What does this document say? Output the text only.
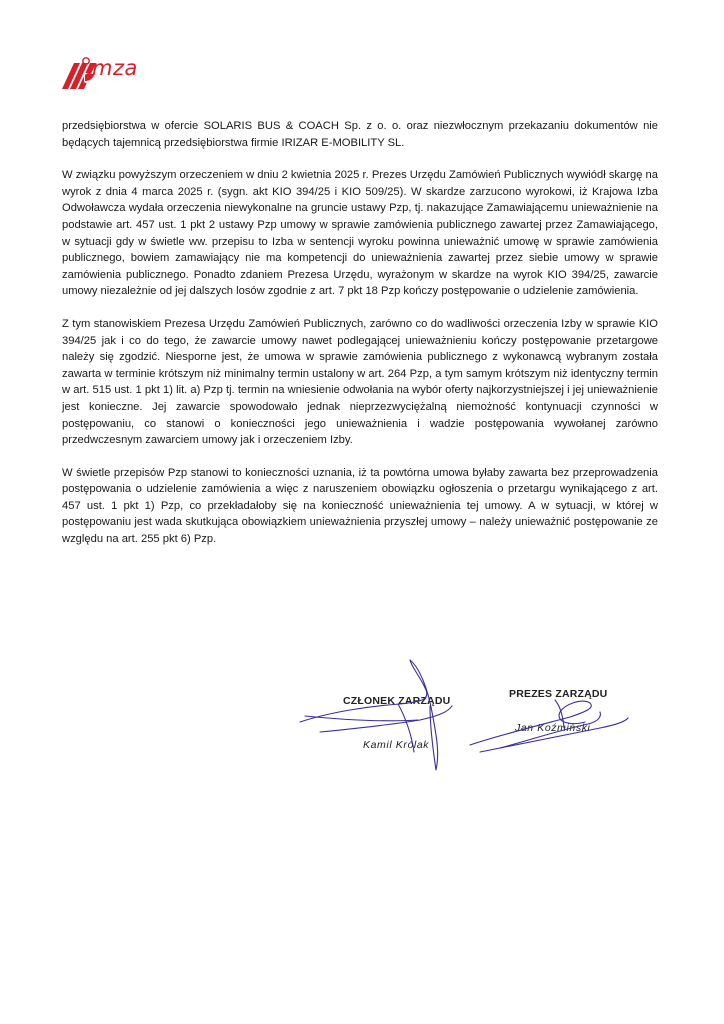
mza

przedsiębiorstwa w ofercie SOLARIS BUS & COACH Sp. z o. o. oraz niezwłocznym przekazaniu dokumentów nie będących tajemnicą przedsiębiorstwa firmie IRIZAR E-MOBILITY SL.

W związku powyższym orzeczeniem w dniu 2 kwietnia 2025 r. Prezes Urzędu Zamówień Publicznych wywiódł skargę na wyrok z dnia 4 marca 2025 r. (sygn. akt KIO 394/25 i KIO 509/25). W skardze zarzucono wyrokowi, iż Krajowa Izba Odwoławcza wydała orzeczenia niewykonalne na gruncie ustawy Pzp, tj. nakazujące Zamawiającemu unieważnienie na podstawie art. 457 ust. 1 pkt 2 ustawy Pzp umowy w sprawie zamówienia publicznego zawartej przez Zamawiającego, w sytuacji gdy w świetle ww. przepisu to Izba w sentencji wyroku powinna unieważnić umowę w sprawie zamówienia publicznego, bowiem zamawiający nie ma kompetencji do unieważnienia zawartej przez siebie umowy w sprawie zamówienia publicznego. Ponadto zdaniem Prezesa Urzędu, wyrażonym w skardze na wyrok KIO 394/25, zawarcie umowy niezależnie od jej dalszych losów zgodnie z art. 7 pkt 18 Pzp kończy postępowanie o udzielenie zamówienia.

Z tym stanowiskiem Prezesa Urzędu Zamówień Publicznych, zarówno co do wadliwości orzeczenia Izby w sprawie KIO 394/25 jak i co do tego, że zawarcie umowy nawet podlegającej unieważnieniu kończy postępowanie przetargowe należy się zgodzić. Niesporne jest, że umowa w sprawie zamówienia publicznego z wykonawcą wybranym została zawarta w terminie krótszym niż minimalny termin ustalony w art. 264 Pzp, a tym samym krótszym niż identyczny termin w art. 515 ust. 1 pkt 1) lit. a) Pzp tj. termin na wniesienie odwołania na wybór oferty najkorzystniejszej i jej unieważnienie jest konieczne. Jej zawarcie spowodowało jednak nieprzezwyciężalną niemożność kontynuacji czynności w postępowaniu, co stanowi o konieczności jego unieważnienia i wadzie postępowania wywołanej zarówno przedwczesnym zawarciem umowy jak i orzeczeniem Izby.

W świetle przepisów Pzp stanowi to konieczności uznania, iż ta powtórna umowa byłaby zawarta bez przeprowadzenia postępowania o udzielenie zamówienia a więc z naruszeniem obowiązku ogłoszenia o przetargu wynikającego z art. 457 ust. 1 pkt 1) Pzp, co przekładałoby się na konieczność unieważnienia tej umowy. A w sytuacji, w której w postępowaniu jest wada skutkująca obowiązkiem unieważnienia przyszłej umowy – należy unieważnić postępowanie ze względu na art. 255 pkt 6) Pzp.

CZŁONEK ZARZĄDU
Kamil Królak
PREZES ZARZĄDU
Jan Koźmiński
